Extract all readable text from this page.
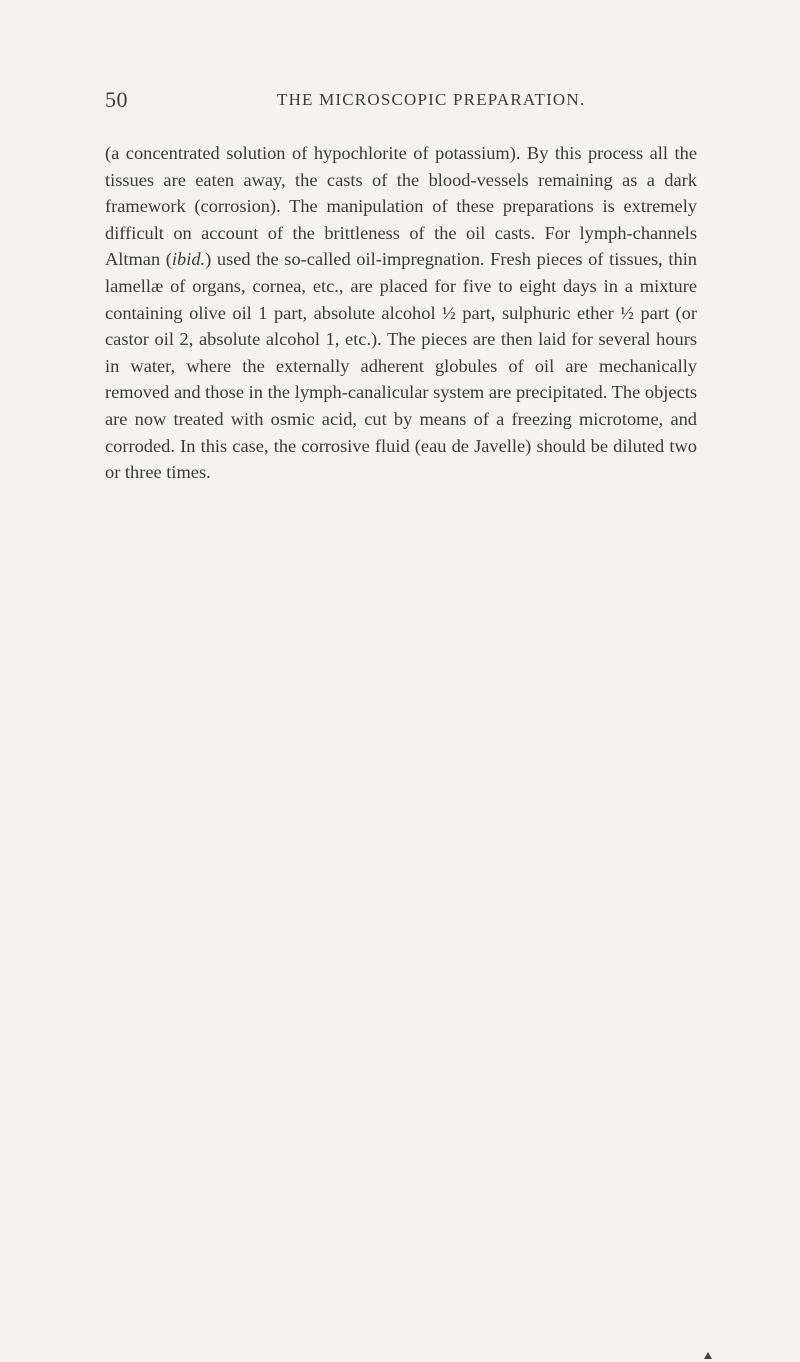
50	THE MICROSCOPIC PREPARATION.

(a concentrated solution of hypochlorite of potassium). By this process all the tissues are eaten away, the casts of the blood-vessels remaining as a dark framework (corrosion). The manipulation of these preparations is extremely difficult on account of the brittleness of the oil casts. For lymph-channels Altman (ibid.) used the so-called oil-impregnation. Fresh pieces of tissues, thin lamellæ of organs, cornea, etc., are placed for five to eight days in a mixture containing olive oil 1 part, absolute alcohol ½ part, sulphuric ether ½ part (or castor oil 2, absolute alcohol 1, etc.). The pieces are then laid for several hours in water, where the externally adherent globules of oil are mechanically removed and those in the lymph-canalicular system are precipitated. The objects are now treated with osmic acid, cut by means of a freezing microtome, and corroded. In this case, the corrosive fluid (eau de Javelle) should be diluted two or three times.
